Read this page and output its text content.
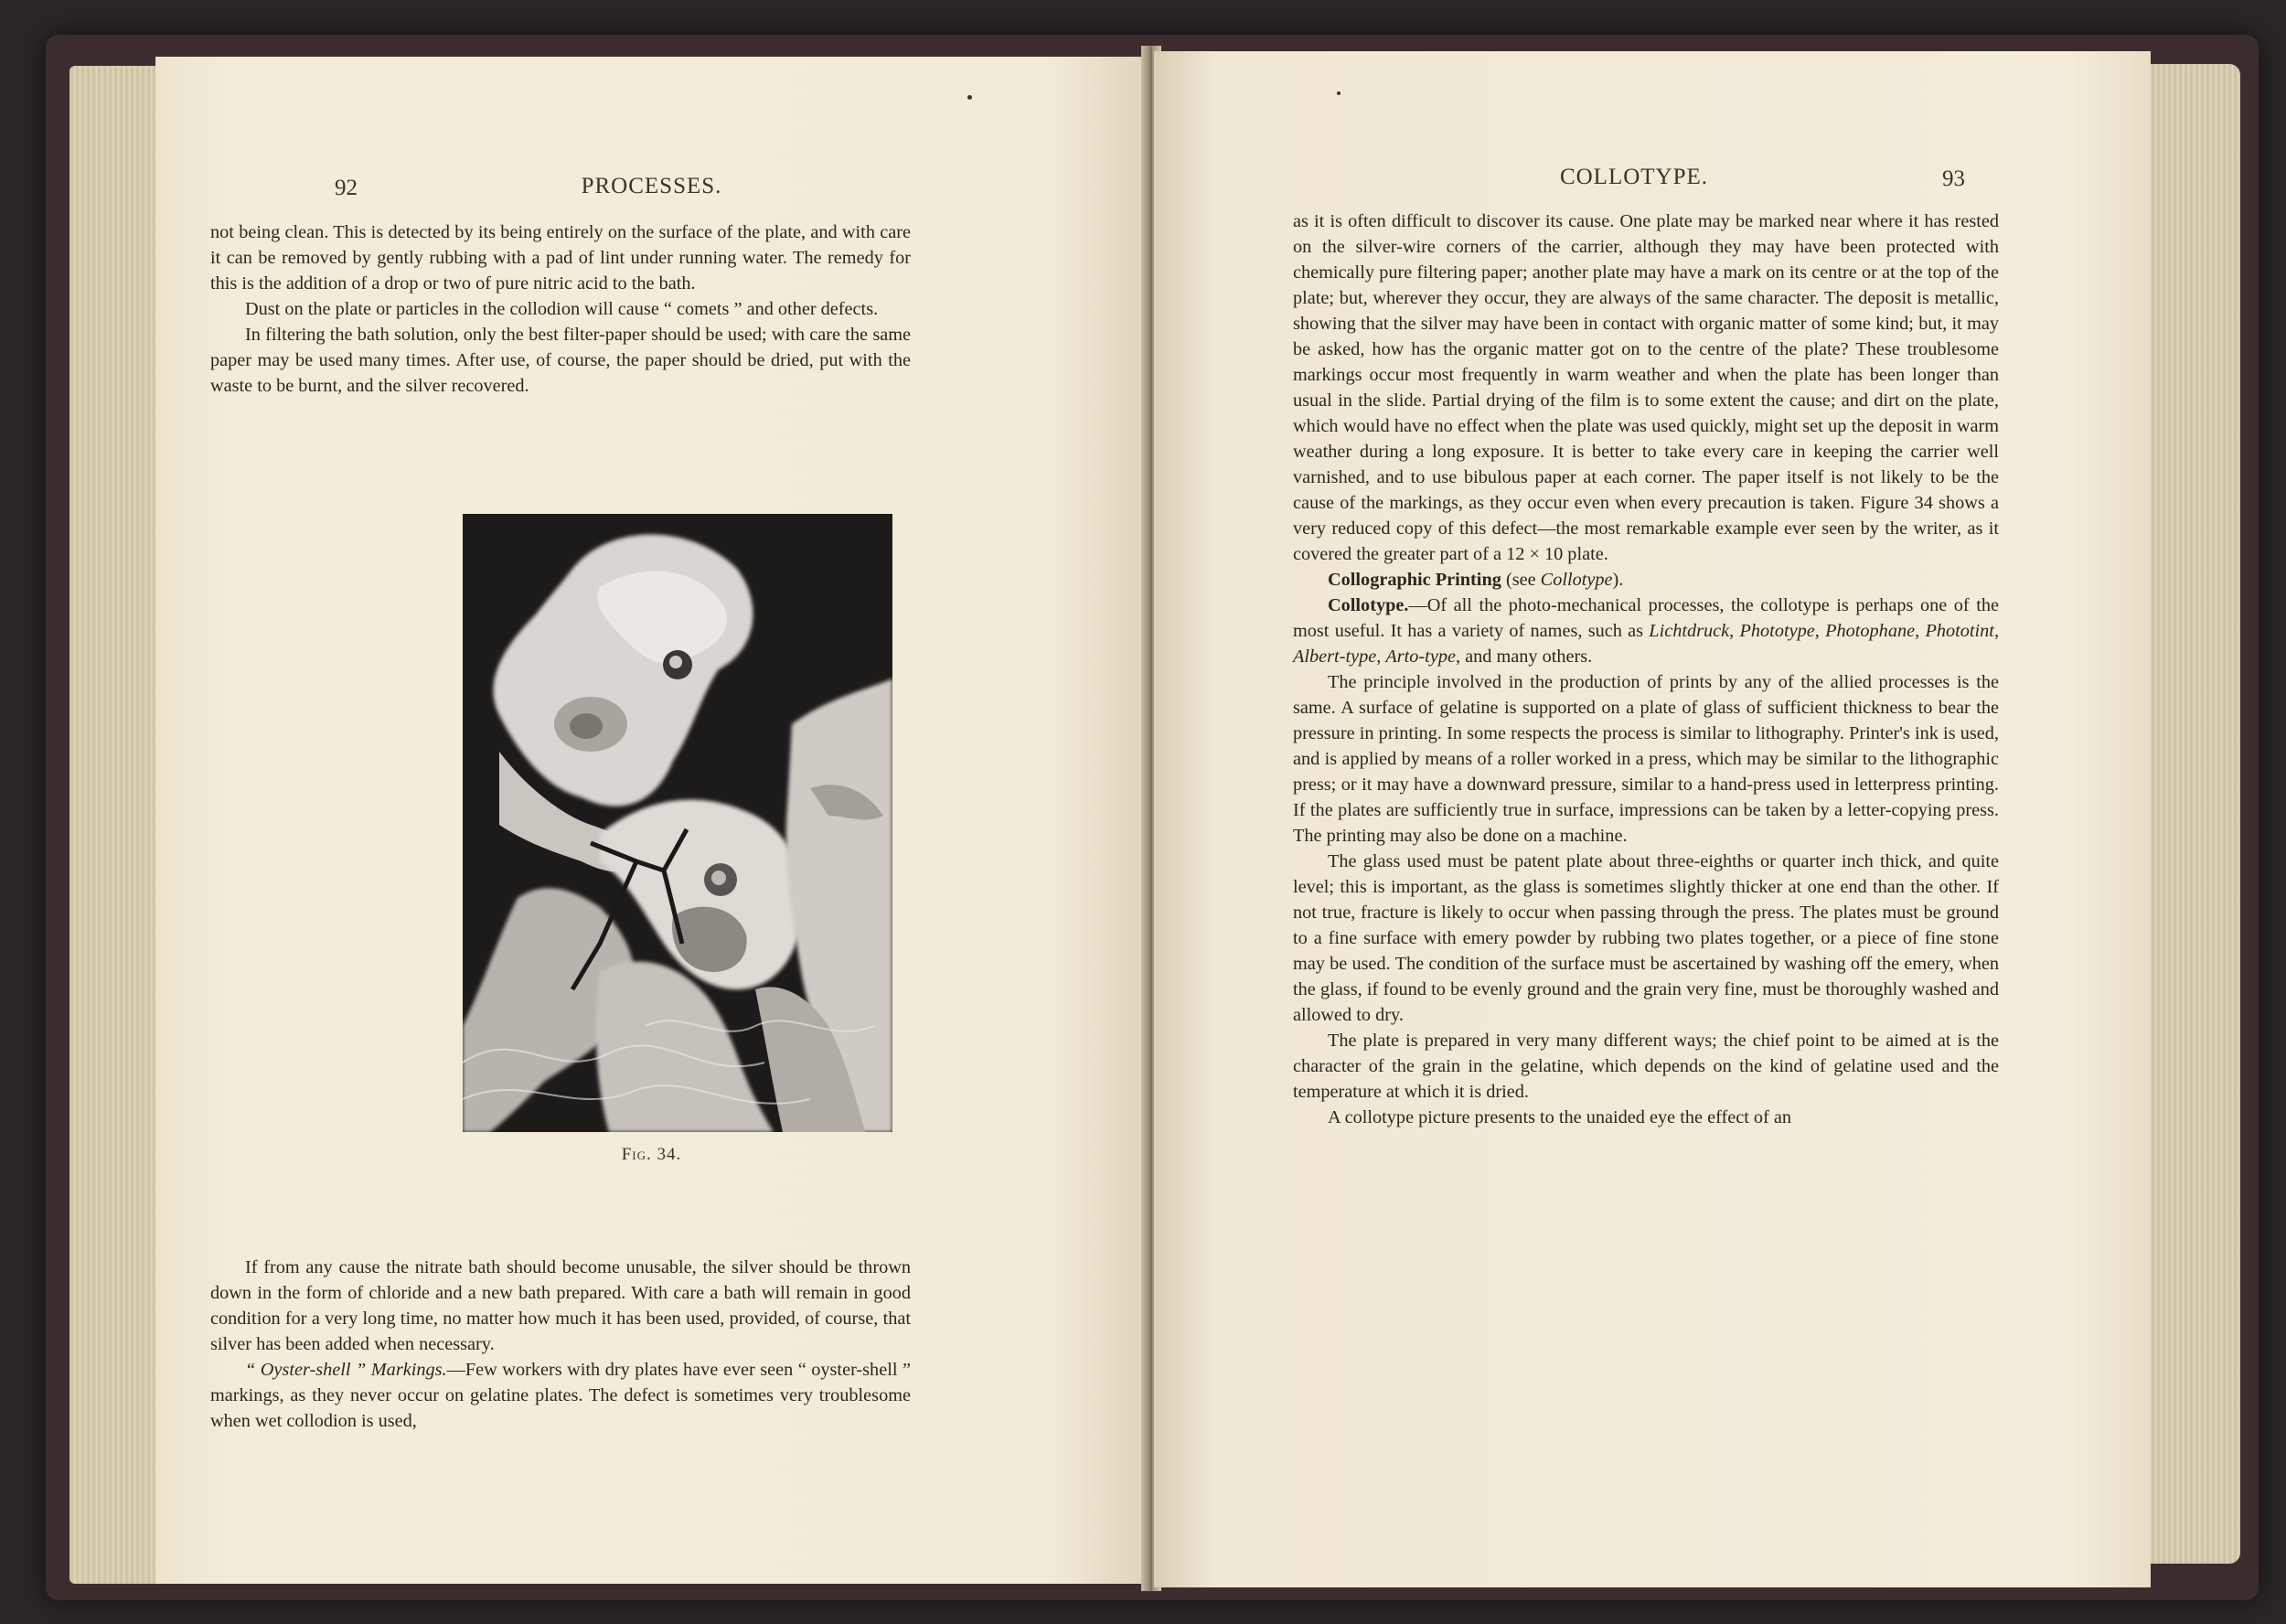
92	PROCESSES.

not being clean. This is detected by its being entirely on the surface of the plate, and with care it can be removed by gently rubbing with a pad of lint under running water. The remedy for this is the addition of a drop or two of pure nitric acid to the bath.

Dust on the plate or particles in the collodion will cause “ comets ” and other defects.

In filtering the bath solution, only the best filter-paper should be used; with care the same paper may be used many times. After use, of course, the paper should be dried, put with the waste to be burnt, and the silver recovered.

Fig. 34.

If from any cause the nitrate bath should become unusable, the silver should be thrown down in the form of chloride and a new bath prepared. With care a bath will remain in good condition for a very long time, no matter how much it has been used, provided, of course, that silver has been added when necessary.

“ Oyster-shell ” Markings.—Few workers with dry plates have ever seen “ oyster-shell ” markings, as they never occur on gelatine plates. The defect is sometimes very troublesome when wet collodion is used,

COLLOTYPE.	93

as it is often difficult to discover its cause. One plate may be marked near where it has rested on the silver-wire corners of the carrier, although they may have been protected with chemically pure filtering paper; another plate may have a mark on its centre or at the top of the plate; but, wherever they occur, they are always of the same character. The deposit is metallic, showing that the silver may have been in contact with organic matter of some kind; but, it may be asked, how has the organic matter got on to the centre of the plate? These troublesome markings occur most frequently in warm weather and when the plate has been longer than usual in the slide. Partial drying of the film is to some extent the cause; and dirt on the plate, which would have no effect when the plate was used quickly, might set up the deposit in warm weather during a long exposure. It is better to take every care in keeping the carrier well varnished, and to use bibulous paper at each corner. The paper itself is not likely to be the cause of the markings, as they occur even when every precaution is taken. Figure 34 shows a very reduced copy of this defect—the most remarkable example ever seen by the writer, as it covered the greater part of a 12 × 10 plate.

Collographic Printing (see Collotype).

Collotype.—Of all the photo-mechanical processes, the collotype is perhaps one of the most useful. It has a variety of names, such as Lichtdruck, Phototype, Photophane, Phototint, Albert-type, Arto-type, and many others.

The principle involved in the production of prints by any of the allied processes is the same. A surface of gelatine is supported on a plate of glass of sufficient thickness to bear the pressure in printing. In some respects the process is similar to lithography. Printer's ink is used, and is applied by means of a roller worked in a press, which may be similar to the lithographic press; or it may have a downward pressure, similar to a hand-press used in letterpress printing. If the plates are sufficiently true in surface, impressions can be taken by a letter-copying press. The printing may also be done on a machine.

The glass used must be patent plate about three-eighths or quarter inch thick, and quite level; this is important, as the glass is sometimes slightly thicker at one end than the other. If not true, fracture is likely to occur when passing through the press. The plates must be ground to a fine surface with emery powder by rubbing two plates together, or a piece of fine stone may be used. The condition of the surface must be ascertained by washing off the emery, when the glass, if found to be evenly ground and the grain very fine, must be thoroughly washed and allowed to dry.

The plate is prepared in very many different ways; the chief point to be aimed at is the character of the grain in the gelatine, which depends on the kind of gelatine used and the temperature at which it is dried.

A collotype picture presents to the unaided eye the effect of an
